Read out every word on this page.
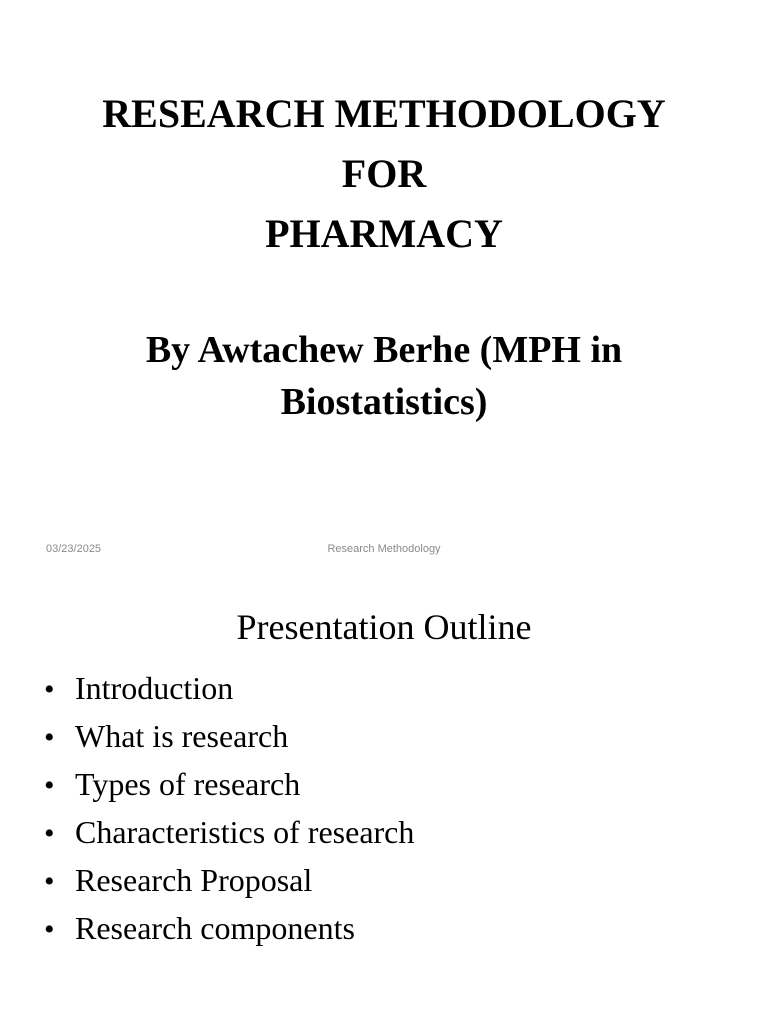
RESEARCH METHODOLOGY
FOR
PHARMACY
By Awtachew Berhe (MPH in Biostatistics)
03/23/2025	Research Methodology
Presentation Outline
• Introduction
• What is research
• Types of research
• Characteristics of research
• Research Proposal
• Research components
